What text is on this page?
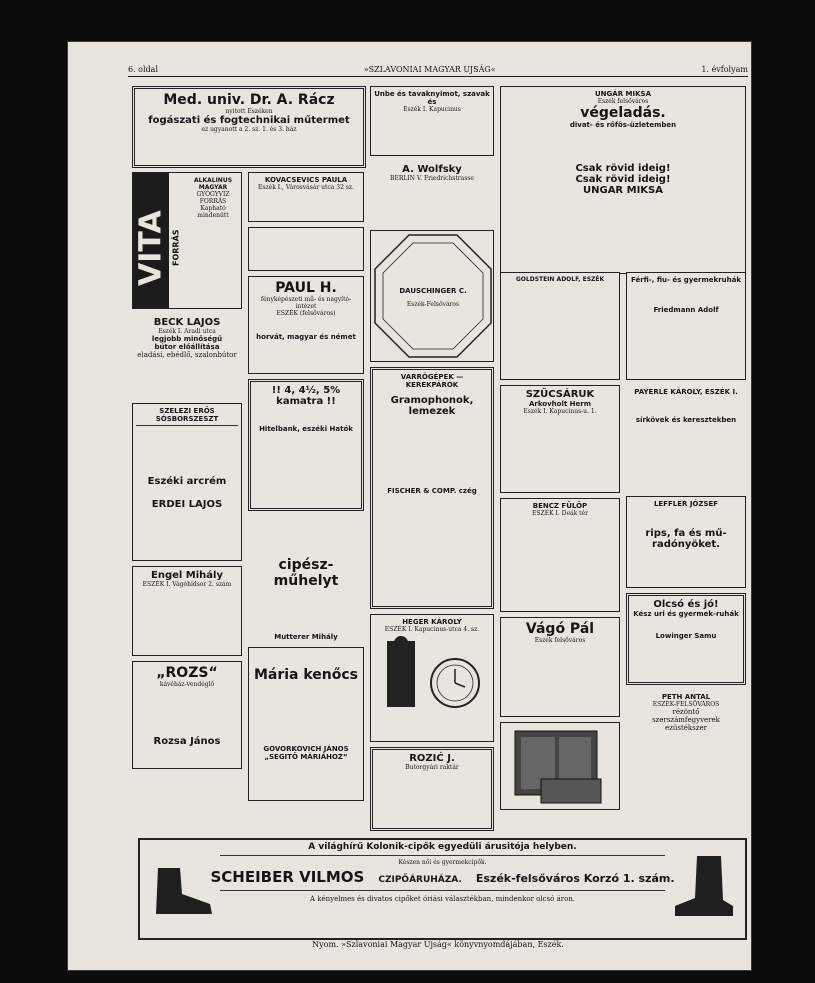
6. oldal	»SZLAVONIAI MAGYAR UJSÁG«	1. évfolyam
Med. univ. Dr. A. Rácz
nyitott Eszéken
fogászati és fogtechnikai műtermet
ez ugyanott a 2. sz. 1. és 3. ház
VITA FORRÁS
ALKALINUS MAGYAR
GYÓGYVIZ FORRÁS
Kapható mindenütt
BECK LAJOS
Eszék I. Aradi utca
legjobb minőségű
bútor előállítása
eladási, ebédlő, szalonbútor
SZELEZI ERŐS SÓSBORSZESZT
Eszéki arcrém
ERDEI LAJOS
Engel Mihály
ESZÉK I. Vágóhídsor 2. szám
„ROZS“
kávéház-vendéglő
Rozsa János
KOVACSEVICS PAULA
Eszék I., Városvásár utca 32 sz.
PAUL H.
fényképészeti mű- és nagyító-intézet
ESZÉK (felsőváros)
horvát, magyar és német
!! 4, 4½, 5% kamatra !!
Hitelbank, eszéki Hatók
cipész-műhelyt
Mutterer Mihály
Mária kenőcs
GOVORKOVICH JÁNOS
„SEGITŐ MÁRIÁHOZ“
Unbe és tavaknyimot, szavak és
Eszék I. Kapucinus
A. Wolfsky
BERLIN V. Friedrichstrasse
DAUSCHINGER C.
Eszék-Felsőváros
VARRÓGÉPEK — KEREKPÁROK
Gramophonok, lemezek
FISCHER & COMP. czég
HEGER KÁROLY
ESZÉK I. Kapucinus-utca 4. sz.
ROZIĆ J.
Butorgyári raktár
UNGÁR MIKSA
Eszék felsőváros
végeladás.
divat- és rőfös-üzletemben
Csak rövid ideig!
Csak rövid ideig!
UNGAR MIKSA
GOLDSTEIN ADOLF, ESZÉK
SZÜCSÁRUK
Arkovholt Herm
Eszék I. Kapucinus-u. 1.
BENCZ FÜLÖP
ESZÉK I. Deák tér
Vágó Pál
Eszék felsőváros
Férfi-, fiu- és gyermekruhák
Friedmann Adolf
PAYERLE KÁROLY, ESZÉK I.
sírkövek és keresztekben
LEFFLER JÓZSEF
rips, fa és mű-radónyöket.
Olcsó és jó!
Kész uri és gyermek-ruhák
Lowinger Samu
PETH ANTAL
ESZÉK-FELSŐVÁROS
rézöntő
szerszámfegyverek
ezüstékszer
A világhírű Kolonik-cipők egyedüli árusitója helyben.
Készen női és gyermekcipők.
SCHEIBER VILMOS CZIPŐÁRUHÁZA. Eszék-felsőváros Korzó 1. szám.
A kényelmes és divatos cipőket óriási választékban, mindenkor olcsó áron.
Nyom. »Szlavoniai Magyar Ujság« könyvnyomdájában, Eszék.
